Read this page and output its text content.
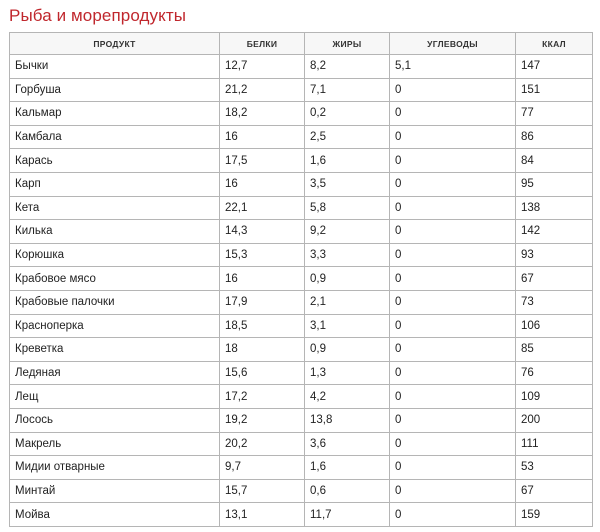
Рыба и морепродукты
ПРОДУКТ	БЕЛКИ	ЖИРЫ	УГЛЕВОДЫ	ККАЛ
Бычки	12,7	8,2	5,1	147
Горбуша	21,2	7,1	0	151
Кальмар	18,2	0,2	0	77
Камбала	16	2,5	0	86
Карась	17,5	1,6	0	84
Карп	16	3,5	0	95
Кета	22,1	5,8	0	138
Килька	14,3	9,2	0	142
Корюшка	15,3	3,3	0	93
Крабовое мясо	16	0,9	0	67
Крабовые палочки	17,9	2,1	0	73
Красноперка	18,5	3,1	0	106
Креветка	18	0,9	0	85
Ледяная	15,6	1,3	0	76
Лещ	17,2	4,2	0	109
Лосось	19,2	13,8	0	200
Макрель	20,2	3,6	0	111
Мидии отварные	9,7	1,6	0	53
Минтай	15,7	0,6	0	67
Мойва	13,1	11,7	0	159
